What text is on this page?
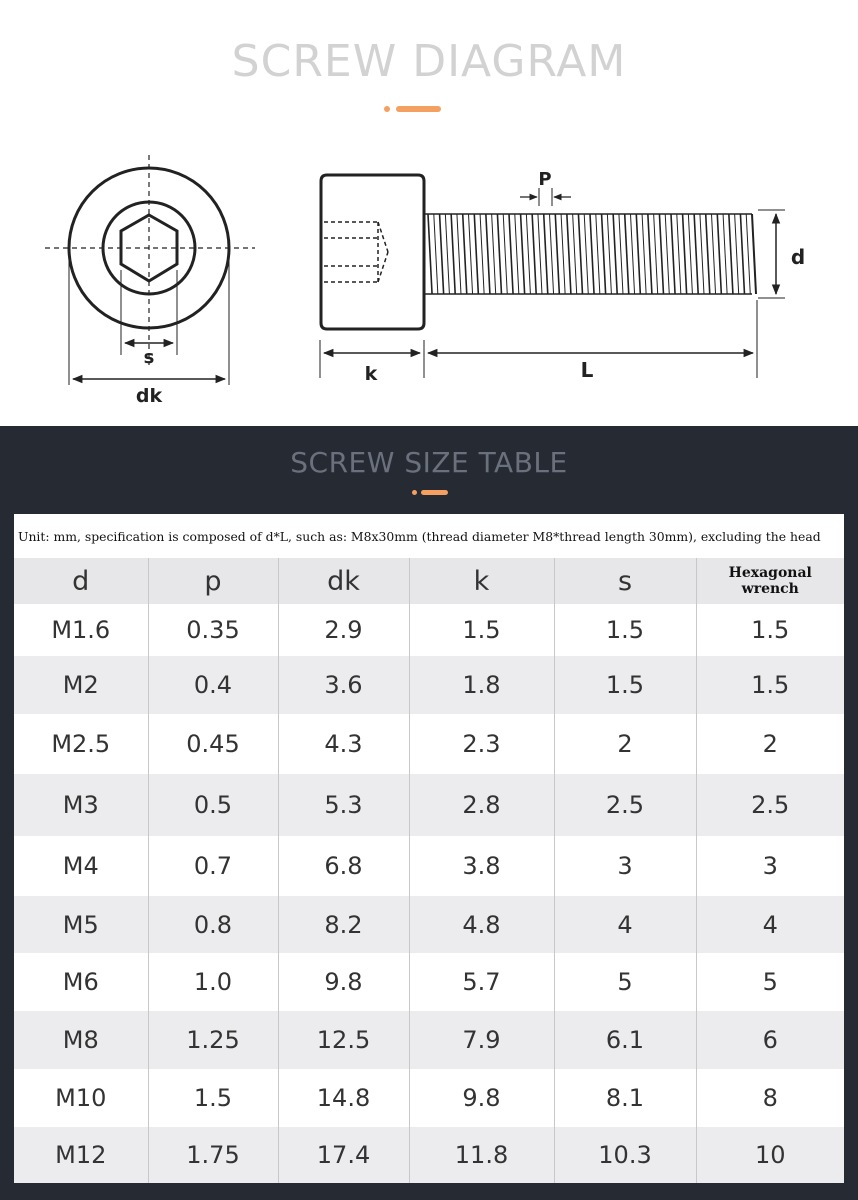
SCREW DIAGRAM
s
dk
P
d
k	L
SCREW SIZE TABLE
Unit: mm, specification is composed of d*L, such as: M8x30mm (thread diameter M8*thread length 30mm), excluding the head
d	p	dk	k	s	Hexagonal
wrench

M1.6	0.35	2.9	1.5	1.5	1.5
M2	0.4	3.6	1.8	1.5	1.5
M2.5	0.45	4.3	2.3	2	2
M3	0.5	5.3	2.8	2.5	2.5
M4	0.7	6.8	3.8	3	3
M5	0.8	8.2	4.8	4	4
M6	1.0	9.8	5.7	5	5
M8	1.25	12.5	7.9	6.1	6
M10	1.5	14.8	9.8	8.1	8
M12	1.75	17.4	11.8	10.3	10
